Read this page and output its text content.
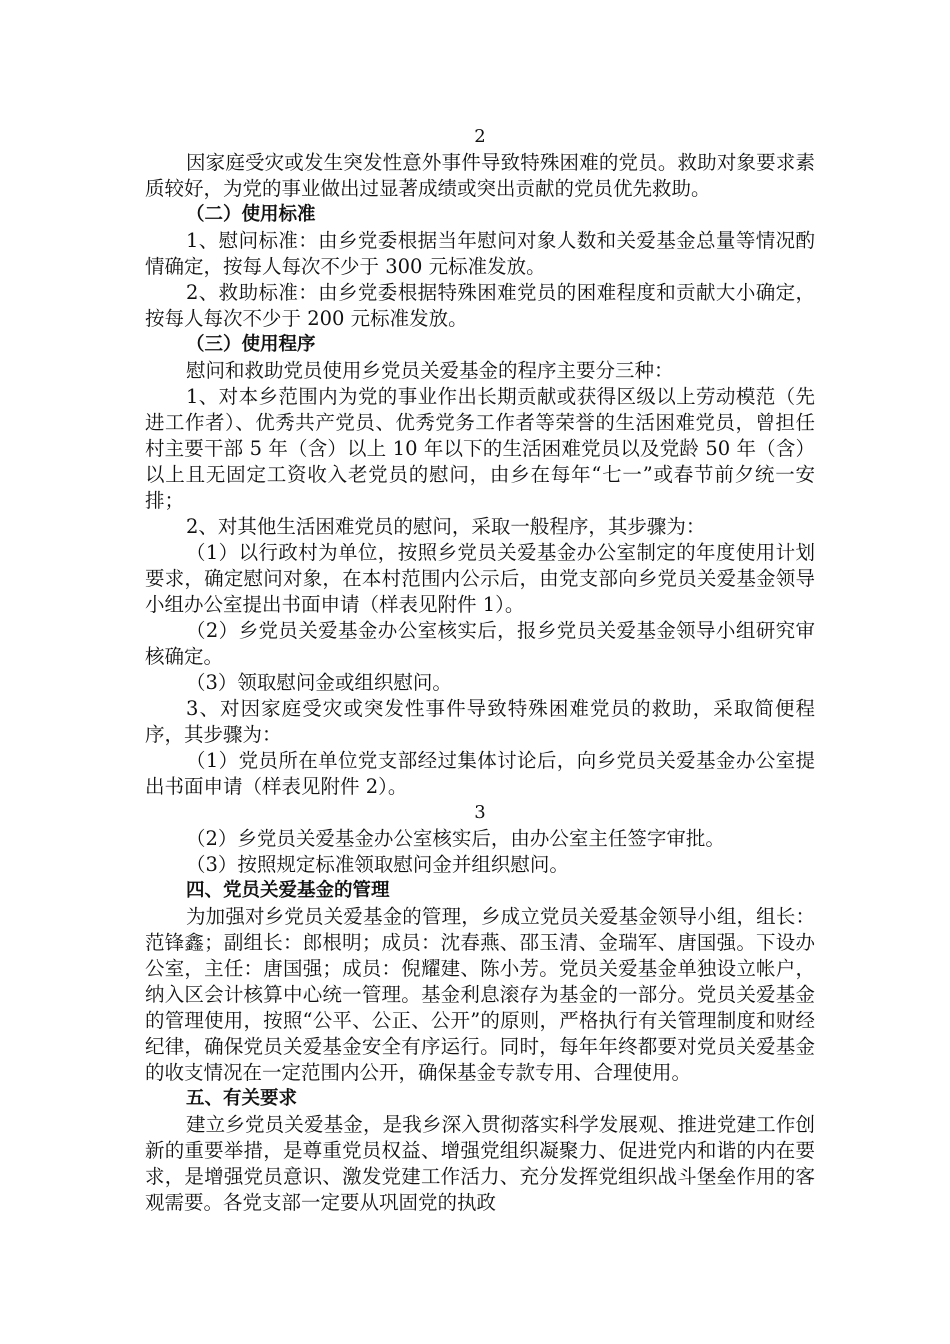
2

因家庭受灾或发生突发性意外事件导致特殊困难的党员。救助对象要求素质较好，为党的事业做出过显著成绩或突出贡献的党员优先救助。

（二）使用标准

1、慰问标准：由乡党委根据当年慰问对象人数和关爱基金总量等情况酌情确定，按每人每次不少于 300 元标准发放。

2、救助标准：由乡党委根据特殊困难党员的困难程度和贡献大小确定，按每人每次不少于 200 元标准发放。

（三）使用程序

慰问和救助党员使用乡党员关爱基金的程序主要分三种：

1、对本乡范围内为党的事业作出长期贡献或获得区级以上劳动模范（先进工作者）、优秀共产党员、优秀党务工作者等荣誉的生活困难党员，曾担任村主要干部 5 年（含）以上 10 年以下的生活困难党员以及党龄 50 年（含）以上且无固定工资收入老党员的慰问，由乡在每年“七一”或春节前夕统一安排；

2、对其他生活困难党员的慰问，采取一般程序，其步骤为：

（1）以行政村为单位，按照乡党员关爱基金办公室制定的年度使用计划要求，确定慰问对象，在本村范围内公示后，由党支部向乡党员关爱基金领导小组办公室提出书面申请（样表见附件 1）。

（2）乡党员关爱基金办公室核实后，报乡党员关爱基金领导小组研究审核确定。

（3）领取慰问金或组织慰问。

3、对因家庭受灾或突发性事件导致特殊困难党员的救助，采取简便程序，其步骤为：

（1）党员所在单位党支部经过集体讨论后，向乡党员关爱基金办公室提出书面申请（样表见附件 2）。

3

（2）乡党员关爱基金办公室核实后，由办公室主任签字审批。

（3）按照规定标准领取慰问金并组织慰问。

四、党员关爱基金的管理

为加强对乡党员关爱基金的管理，乡成立党员关爱基金领导小组，组长：范锋鑫；副组长：郎根明；成员：沈春燕、邵玉清、金瑞军、唐国强。下设办公室，主任：唐国强；成员：倪耀建、陈小芳。党员关爱基金单独设立帐户，纳入区会计核算中心统一管理。基金利息滚存为基金的一部分。党员关爱基金的管理使用，按照“公平、公正、公开”的原则，严格执行有关管理制度和财经纪律，确保党员关爱基金安全有序运行。同时，每年年终都要对党员关爱基金的收支情况在一定范围内公开，确保基金专款专用、合理使用。

五、有关要求

建立乡党员关爱基金，是我乡深入贯彻落实科学发展观、推进党建工作创新的重要举措，是尊重党员权益、增强党组织凝聚力、促进党内和谐的内在要求，是增强党员意识、激发党建工作活力、充分发挥党组织战斗堡垒作用的客观需要。各党支部一定要从巩固党的执政
